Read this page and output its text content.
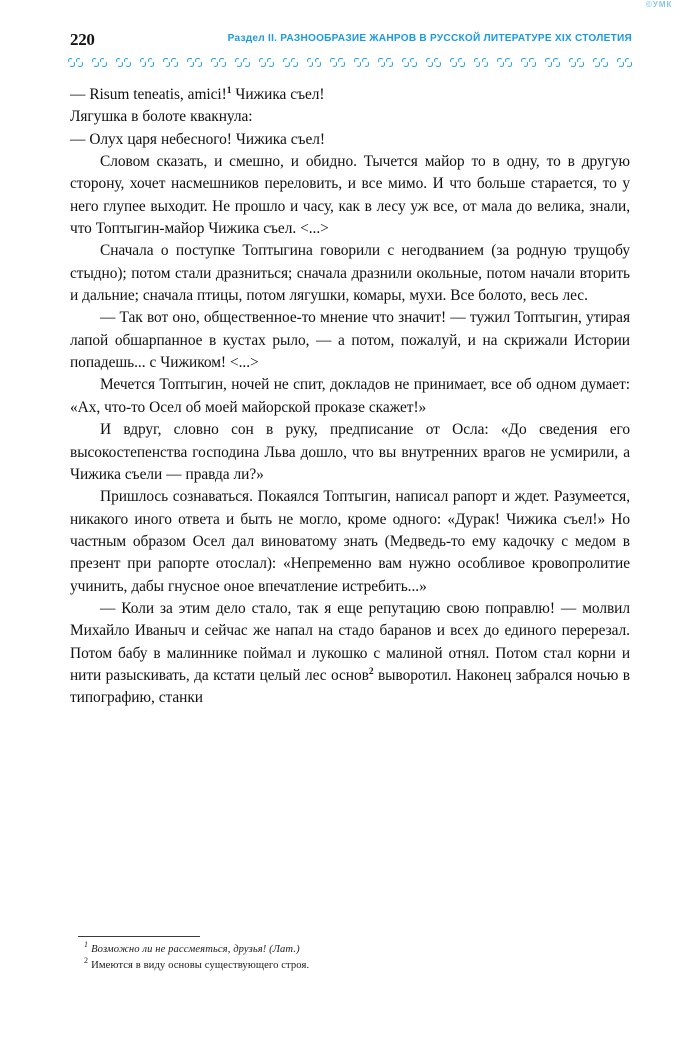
©УМК
220	Раздел II. РАЗНООБРАЗИЕ ЖАНРОВ В РУССКОЙ ЛИТЕРАТУРЕ XIX СТОЛЕТИЯ

— Risum teneatis, amici!$^1$ Чижика съел!

Лягушка в болоте квакнула:

— Олух царя небесного! Чижика съел!

Словом сказать, и смешно, и обидно. Тычется майор то в одну, то в другую сторону, хочет насмешников переловить, и все мимо. И что больше старается, то у него глупее выходит. Не прошло и часу, как в лесу уж все, от мала до велика, знали, что Топтыгин-майор Чижика съел. <...>

Сначала о поступке Топтыгина говорили с негодванием (за родную трущобу стыдно); потом стали дразниться; сначала дразнили окольные, потом начали вторить и дальние; сначала птицы, потом лягушки, комары, мухи. Все болото, весь лес.

— Так вот оно, общественное-то мнение что значит! — тужил Топтыгин, утирая лапой обшарпанное в кустах рыло, — а потом, пожалуй, и на скрижали Истории попадешь... с Чижиком! <...>

Мечется Топтыгин, ночей не спит, докладов не принимает, все об одном думает: «Ах, что-то Осел об моей майорской проказе скажет!»

И вдруг, словно сон в руку, предписание от Осла: «До сведения его высокостепенства господина Льва дошло, что вы внутренних врагов не усмирили, а Чижика съели — правда ли?»

Пришлось сознаваться. Покаялся Топтыгин, написал рапорт и ждет. Разумеется, никакого иного ответа и быть не могло, кроме одного: «Дурак! Чижика съел!» Но частным образом Осел дал виноватому знать (Медведь-то ему кадочку с медом в презент при рапорте отослал): «Непременно вам нужно особливое кровопролитие учинить, дабы гнусное оное впечатление истребить...»

— Коли за этим дело стало, так я еще репутацию свою поправлю! — молвил Михайло Иваныч и сейчас же напал на стадо баранов и всех до единого перерезал. Потом бабу в малиннике поймал и лукошко с малиной отнял. Потом стал корни и нити разыскивать, да кстати целый лес основ$^2$ выворотил. Наконец забрался ночью в типографию, станки

$^1$ Возможно ли не рассмеяться, друзья! (Лат.)
$^2$ Имеются в виду основы существующего строя.
